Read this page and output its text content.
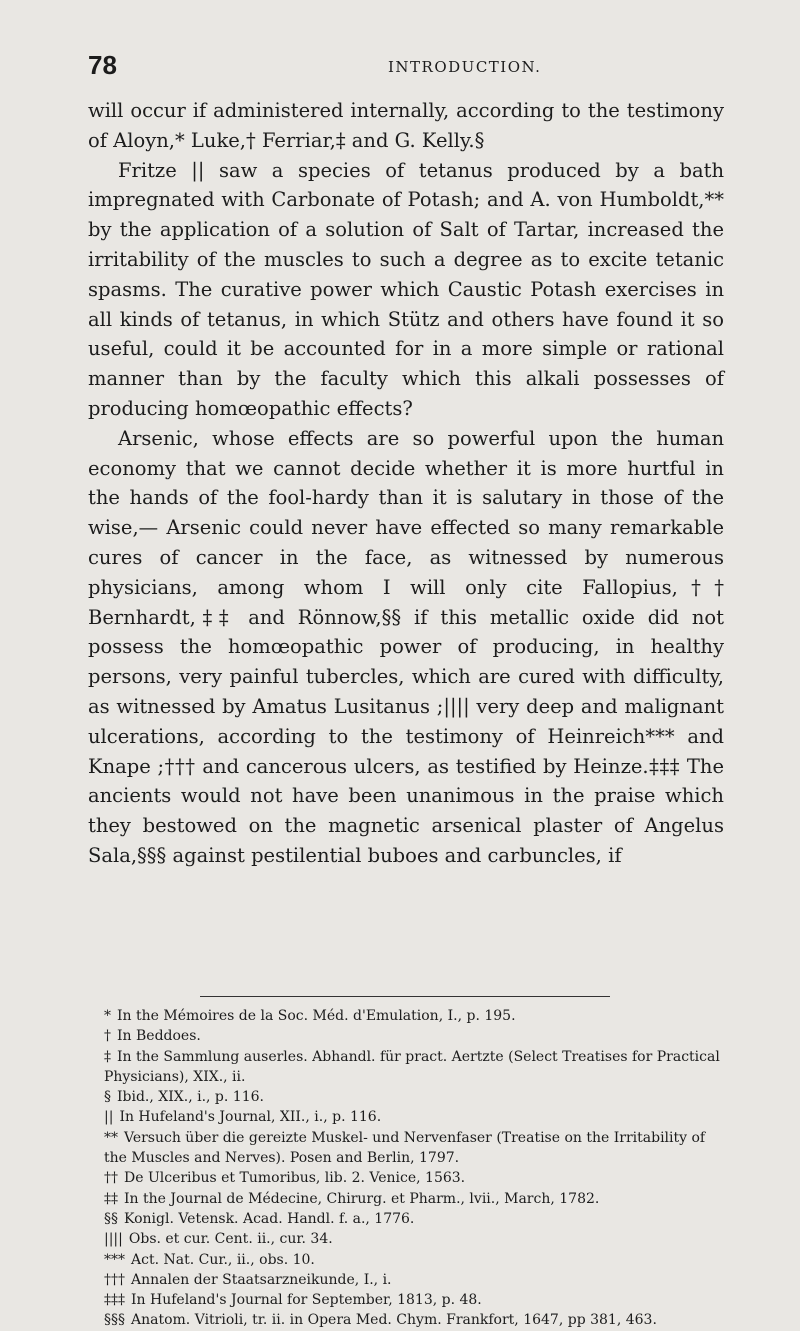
78	INTRODUCTION.

will occur if administered internally, according to the testimony of Aloyn,* Luke,† Ferriar,‡ and G. Kelly.§

Fritze || saw a species of tetanus produced by a bath impregnated with Carbonate of Potash; and A. von Humboldt,** by the application of a solution of Salt of Tartar, increased the irritability of the muscles to such a degree as to excite tetanic spasms. The curative power which Caustic Potash exercises in all kinds of tetanus, in which Stütz and others have found it so useful, could it be accounted for in a more simple or rational manner than by the faculty which this alkali possesses of producing homœopathic effects?

Arsenic, whose effects are so powerful upon the human economy that we cannot decide whether it is more hurtful in the hands of the fool-hardy than it is salutary in those of the wise,— Arsenic could never have effected so many remarkable cures of cancer in the face, as witnessed by numerous physicians, among whom I will only cite Fallopius,†† Bernhardt,‡‡ and Rönnow,§§ if this metallic oxide did not possess the homœopathic power of producing, in healthy persons, very painful tubercles, which are cured with difficulty, as witnessed by Amatus Lusitanus ;|||| very deep and malignant ulcerations, according to the testimony of Heinreich*** and Knape ;††† and cancerous ulcers, as testified by Heinze.‡‡‡ The ancients would not have been unanimous in the praise which they bestowed on the magnetic arsenical plaster of Angelus Sala,§§§ against pestilential buboes and carbuncles, if

* In the Mémoires de la Soc. Méd. d'Emulation, I., p. 195.
† In Beddoes.
‡ In the Sammlung auserles. Abhandl. für pract. Aertzte (Select Treatises for Practical Physicians), XIX., ii.
§ Ibid., XIX., i., p. 116.
|| In Hufeland's Journal, XII., i., p. 116.
** Versuch über die gereizte Muskel- und Nervenfaser (Treatise on the Irritability of the Muscles and Nerves). Posen and Berlin, 1797.
†† De Ulceribus et Tumoribus, lib. 2. Venice, 1563.
‡‡ In the Journal de Médecine, Chirurg. et Pharm., lvii., March, 1782.
§§ Konigl. Vetensk. Acad. Handl. f. a., 1776.
|||| Obs. et cur. Cent. ii., cur. 34.
*** Act. Nat. Cur., ii., obs. 10.
††† Annalen der Staatsarzneikunde, I., i.
‡‡‡ In Hufeland's Journal for September, 1813, p. 48.
§§§ Anatom. Vitrioli, tr. ii. in Opera Med. Chym. Frankfort, 1647, pp 381, 463.
